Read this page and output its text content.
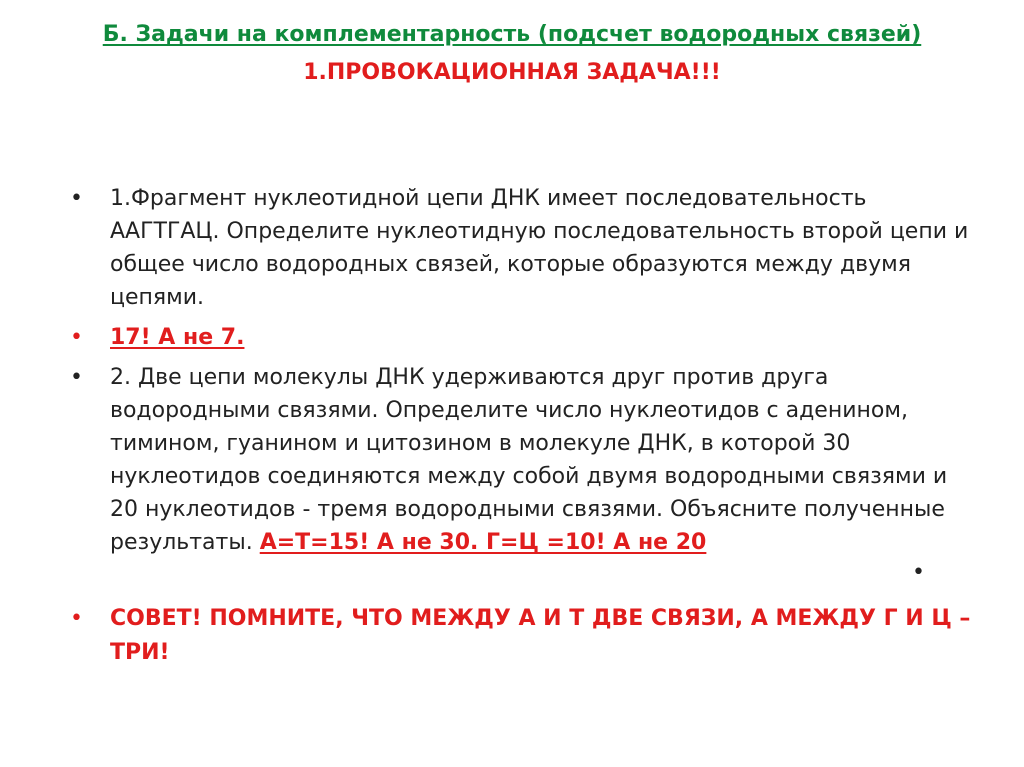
Б. Задачи на комплементарность (подсчет водородных связей)
1.ПРОВОКАЦИОННАЯ ЗАДАЧА!!!
•	1.Фрагмент нуклеотидной цепи ДНК имеет последовательность ААГТГАЦ. Определите нуклеотидную последовательность второй цепи и общее число водородных связей, которые образуются между двумя цепями.
•	17! А не 7.
•	2. Две цепи молекулы ДНК удерживаются друг против друга водородными связями. Определите число нуклеотидов с аденином, тимином, гуанином и цитозином в молекуле ДНК, в которой 30 нуклеотидов соединяются между собой двумя водородными связями и 20 нуклеотидов - тремя водородными связями. Объясните полученные результаты. А=Т=15! А не 30. Г=Ц =10! А не 20
•
•	СОВЕТ! ПОМНИТЕ, ЧТО МЕЖДУ А И Т ДВЕ СВЯЗИ, А МЕЖДУ Г И Ц – ТРИ!
